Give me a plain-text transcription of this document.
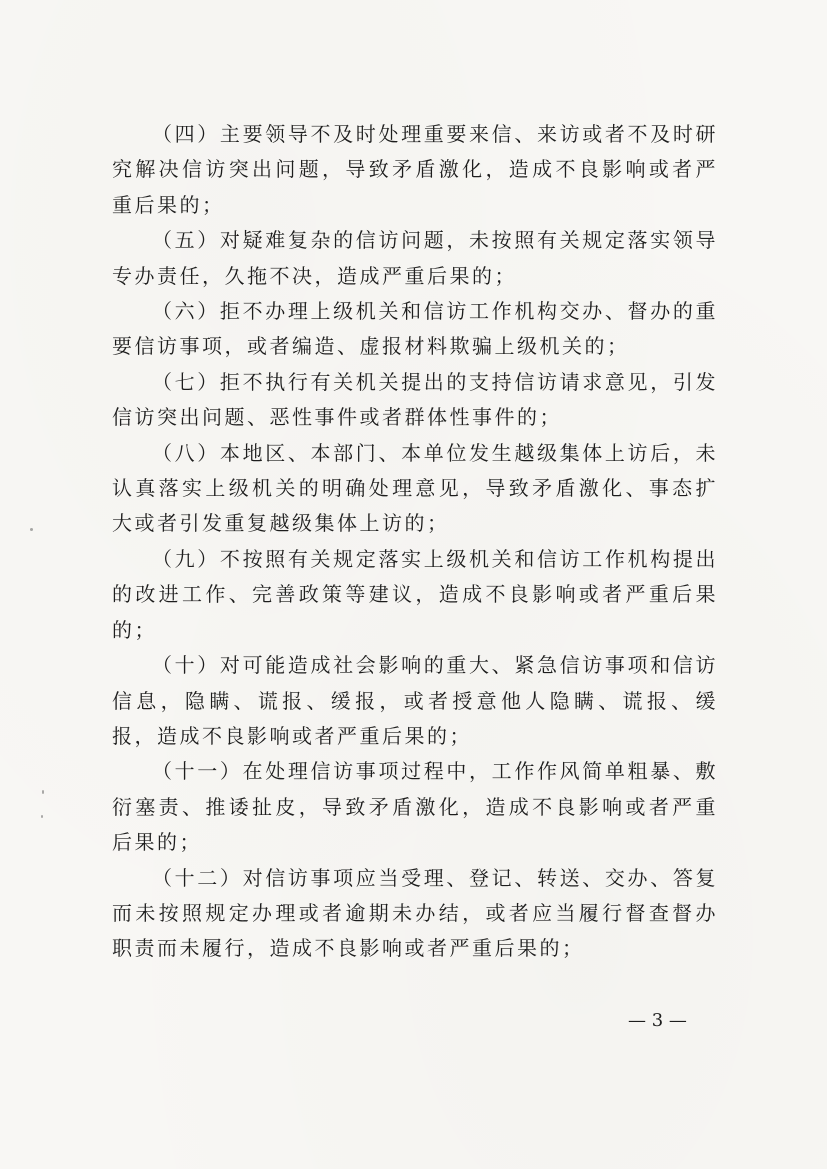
（四）主要领导不及时处理重要来信、来访或者不及时研究解决信访突出问题，导致矛盾激化，造成不良影响或者严重后果的；

（五）对疑难复杂的信访问题，未按照有关规定落实领导专办责任，久拖不决，造成严重后果的；

（六）拒不办理上级机关和信访工作机构交办、督办的重要信访事项，或者编造、虚报材料欺骗上级机关的；

（七）拒不执行有关机关提出的支持信访请求意见，引发信访突出问题、恶性事件或者群体性事件的；

（八）本地区、本部门、本单位发生越级集体上访后，未认真落实上级机关的明确处理意见，导致矛盾激化、事态扩大或者引发重复越级集体上访的；

（九）不按照有关规定落实上级机关和信访工作机构提出的改进工作、完善政策等建议，造成不良影响或者严重后果的；

（十）对可能造成社会影响的重大、紧急信访事项和信访信息，隐瞒、谎报、缓报，或者授意他人隐瞒、谎报、缓报，造成不良影响或者严重后果的；

（十一）在处理信访事项过程中，工作作风简单粗暴、敷衍塞责、推诿扯皮，导致矛盾激化，造成不良影响或者严重后果的；

（十二）对信访事项应当受理、登记、转送、交办、答复而未按照规定办理或者逾期未办结，或者应当履行督查督办职责而未履行，造成不良影响或者严重后果的；

— 3 —
